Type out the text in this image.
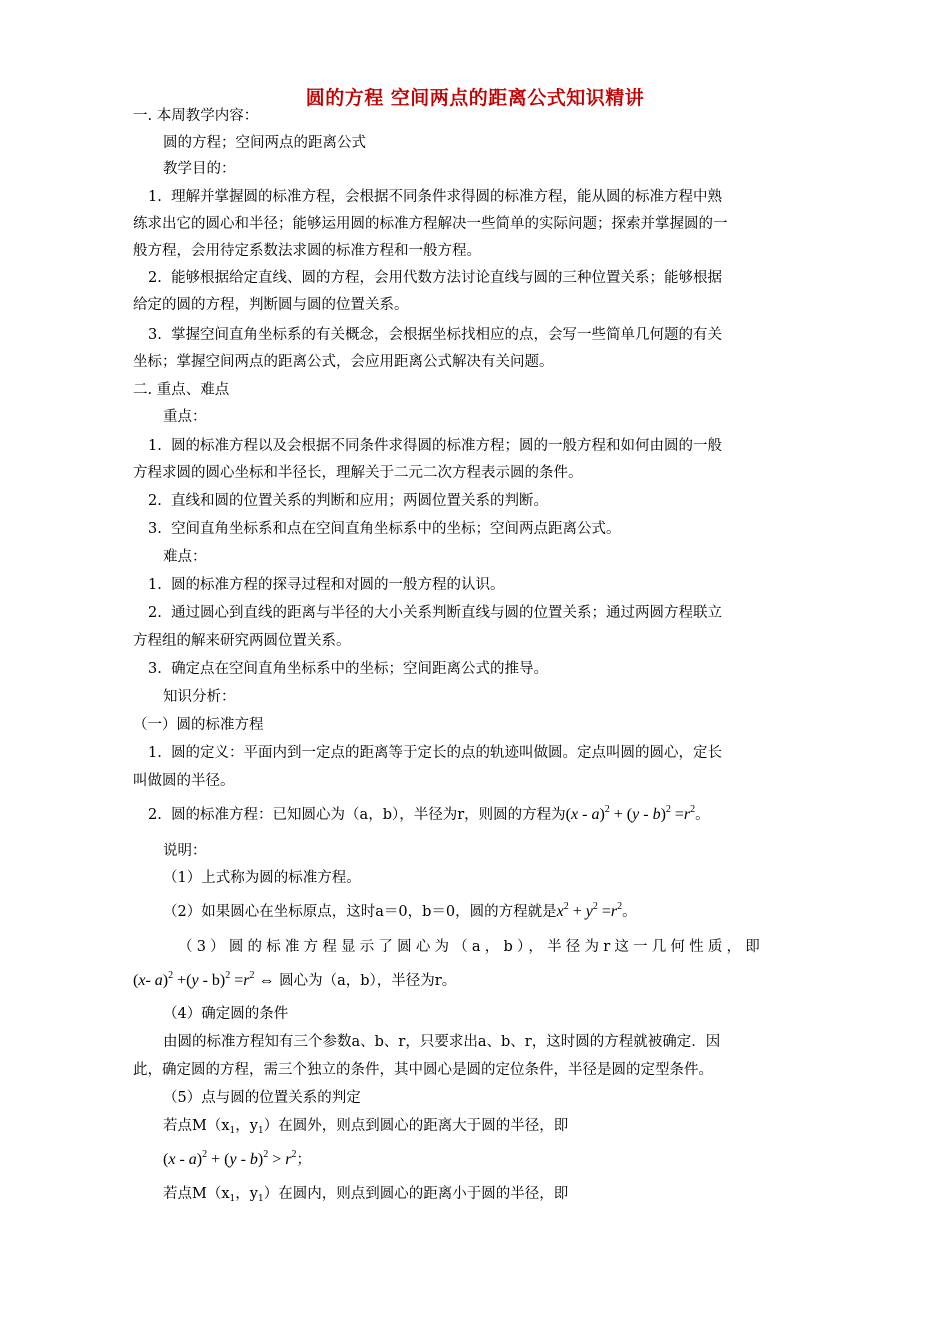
圆的方程 空间两点的距离公式知识精讲
一. 本周教学内容：
圆的方程；空间两点的距离公式
教学目的：
1. 理解并掌握圆的标准方程，会根据不同条件求得圆的标准方程，能从圆的标准方程中熟
练求出它的圆心和半径；能够运用圆的标准方程解决一些简单的实际问题；探索并掌握圆的一
般方程，会用待定系数法求圆的标准方程和一般方程。
2. 能够根据给定直线、圆的方程，会用代数方法讨论直线与圆的三种位置关系；能够根据
给定的圆的方程，判断圆与圆的位置关系。
3. 掌握空间直角坐标系的有关概念，会根据坐标找相应的点，会写一些简单几何题的有关
坐标；掌握空间两点的距离公式，会应用距离公式解决有关问题。
二. 重点、难点
重点：
1. 圆的标准方程以及会根据不同条件求得圆的标准方程；圆的一般方程和如何由圆的一般
方程求圆的圆心坐标和半径长，理解关于二元二次方程表示圆的条件。
2. 直线和圆的位置关系的判断和应用；两圆位置关系的判断。
3. 空间直角坐标系和点在空间直角坐标系中的坐标；空间两点距离公式。
难点：
1. 圆的标准方程的探寻过程和对圆的一般方程的认识。
2. 通过圆心到直线的距离与半径的大小关系判断直线与圆的位置关系；通过两圆方程联立
方程组的解来研究两圆位置关系。
3. 确定点在空间直角坐标系中的坐标；空间距离公式的推导。
知识分析：
（一）圆的标准方程
1. 圆的定义：平面内到一定点的距离等于定长的点的轨迹叫做圆。定点叫圆的圆心，定长
叫做圆的半径。
2. 圆的标准方程：已知圆心为（a，b），半径为r，则圆的方程为$(x - a)^2 + (y - b)^2 =r^2$。
说明：
（1）上式称为圆的标准方程。
（2）如果圆心在坐标原点，这时a＝0，b＝0，圆的方程就是$x^2 + y^2 =r^2$。
（3）圆的标准方程显示了圆心为（a，b），半径为r这一几何性质，即
(x- $a)^2 +(y - b)^2 =r^2$ ⇔ 圆心为（a，b），半径为r。
（4）确定圆的条件
由圆的标准方程知有三个参数a、b、r，只要求出a、b、r，这时圆的方程就被确定．因
此，确定圆的方程，需三个独立的条件，其中圆心是圆的定位条件，半径是圆的定型条件。
（5）点与圆的位置关系的判定
若点$M(x_1$，$y_1$）在圆外，则点到圆心的距离大于圆的半径，即
$(x - a)^2 + (y - b)^2 > r^2$；
若点$M(x_1$，$y_1$）在圆内，则点到圆心的距离小于圆的半径，即
